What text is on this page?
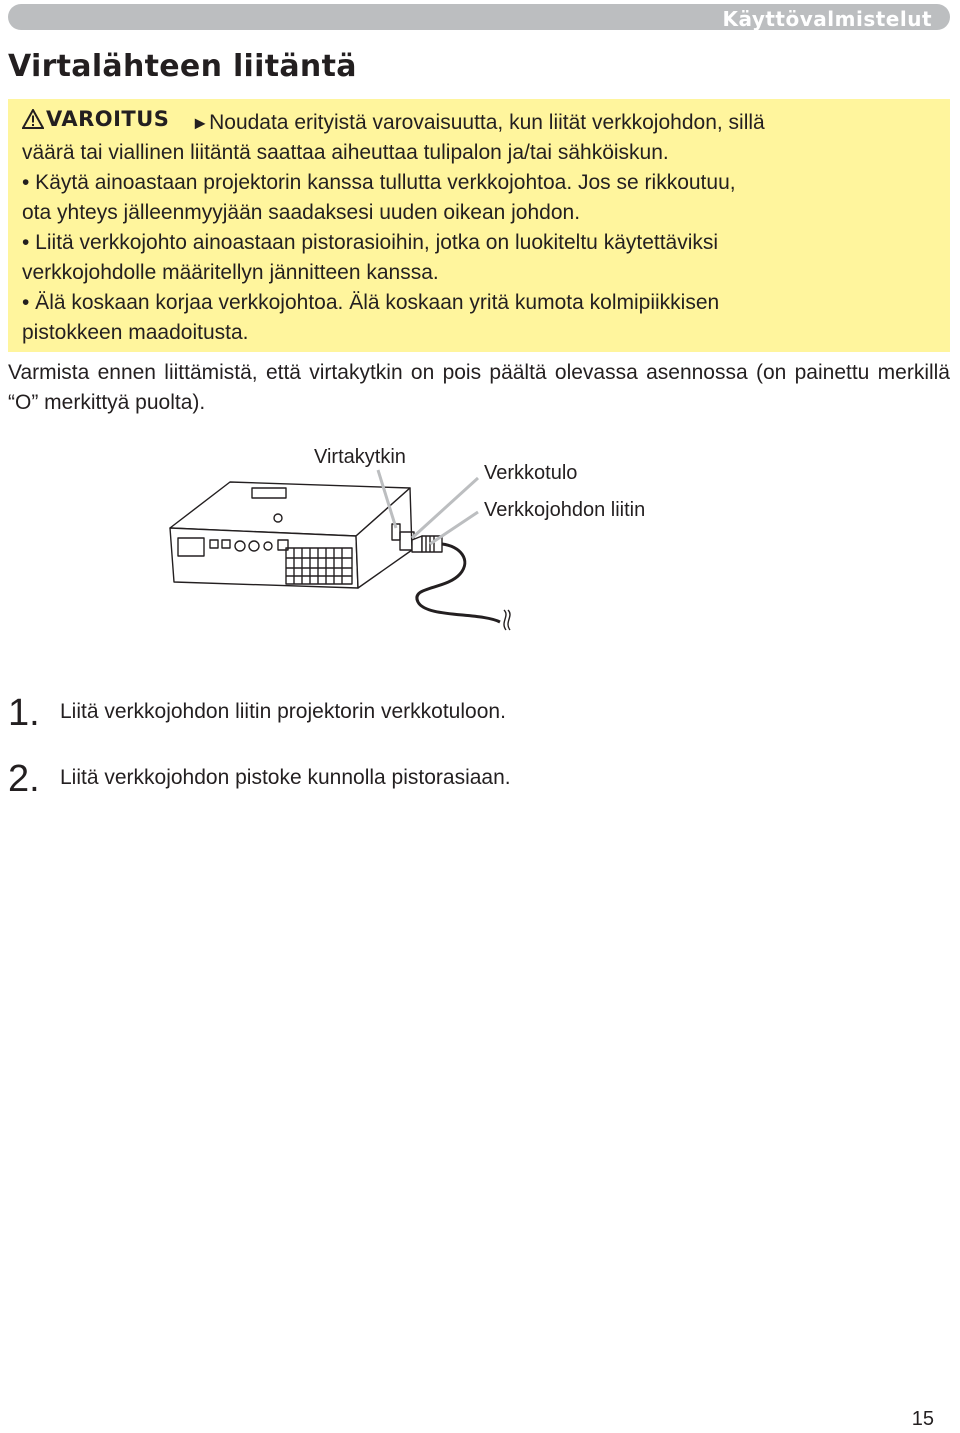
Käyttövalmistelut
Virtalähteen liitäntä
VAROITUS ►Noudata erityistä varovaisuutta, kun liität verkkojohdon, sillä
väärä tai viallinen liitäntä saattaa aiheuttaa tulipalon ja/tai sähköiskun.
• Käytä ainoastaan projektorin kanssa tullutta verkkojohtoa. Jos se rikkoutuu,
ota yhteys jälleenmyyjään saadaksesi uuden oikean johdon.
• Liitä verkkojohto ainoastaan pistorasioihin, jotka on luokiteltu käytettäviksi
verkkojohdolle määritellyn jännitteen kanssa.
• Älä koskaan korjaa verkkojohtoa. Älä koskaan yritä kumota kolmipiikkisen
pistokkeen maadoitusta.

Varmista ennen liittämistä, että virtakytkin on pois päältä olevassa asennossa (on painettu merkillä “O” merkittyä puolta).

Virtakytkin
Verkkotulo
Verkkojohdon liitin
1. Liitä verkkojohdon liitin projektorin verkkotuloon.
2. Liitä verkkojohdon pistoke kunnolla pistorasiaan.
15
